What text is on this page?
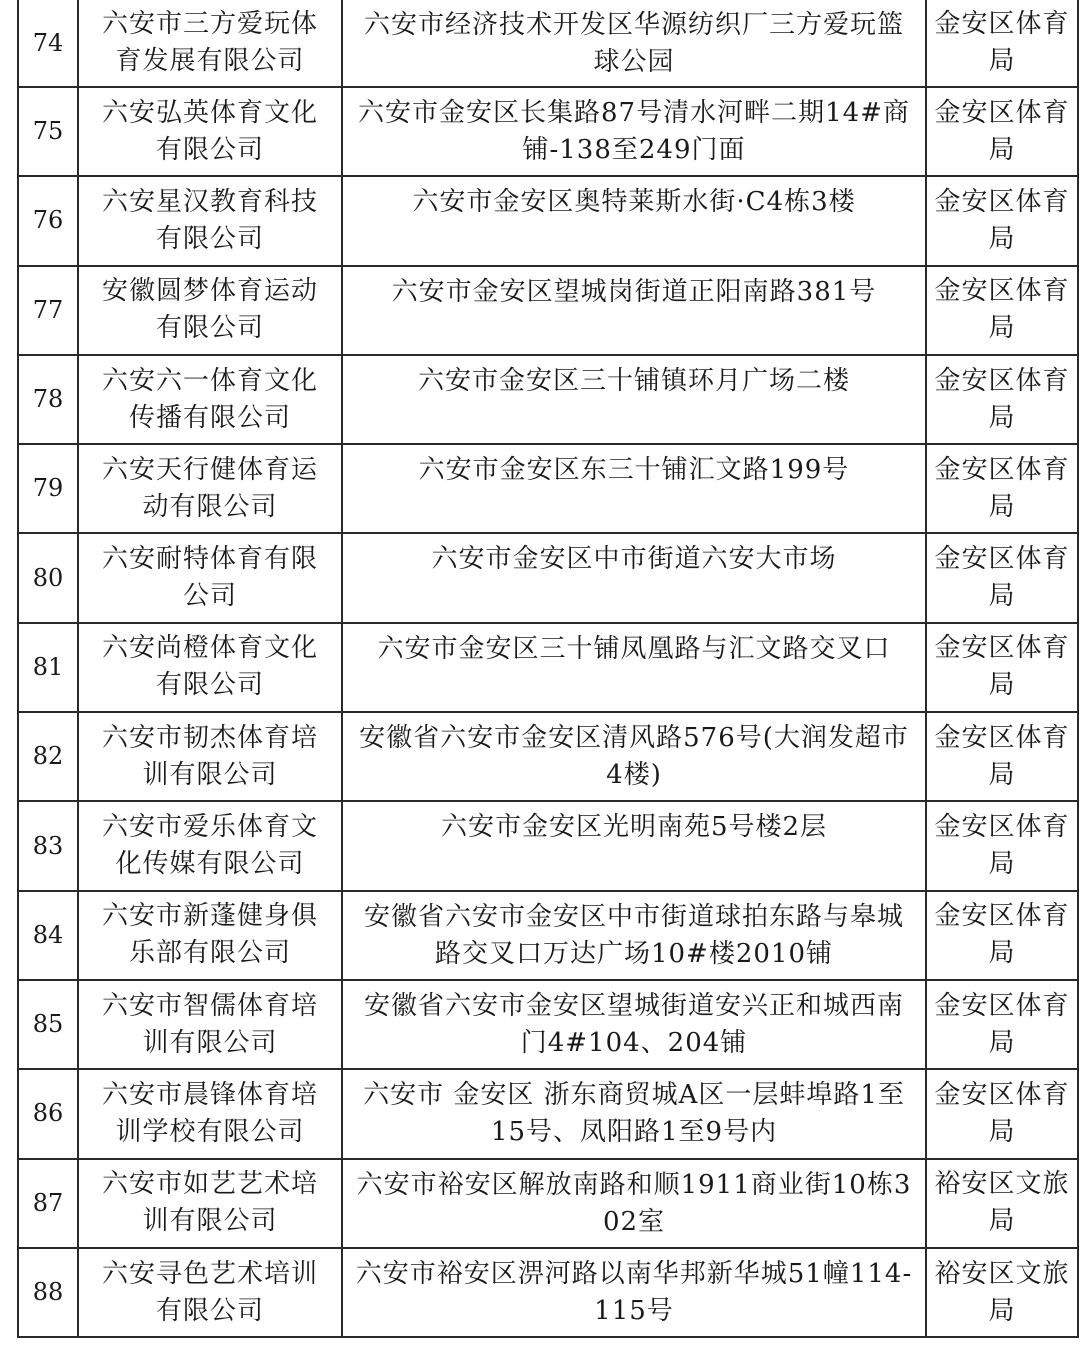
74	六安市三方爱玩体育发展有限公司	六安市经济技术开发区华源纺织厂三方爱玩篮球公园	金安区体育局

75	六安弘英体育文化有限公司	六安市金安区长集路87号清水河畔二期14#商铺-138至249门面	金安区体育局

76	六安星汉教育科技有限公司	六安市金安区奥特莱斯水街·C4栋3楼	金安区体育局

77	安徽圆梦体育运动有限公司	六安市金安区望城岗街道正阳南路381号	金安区体育局

78	六安六一体育文化传播有限公司	六安市金安区三十铺镇环月广场二楼	金安区体育局

79	六安天行健体育运动有限公司	六安市金安区东三十铺汇文路199号	金安区体育局

80	六安耐特体育有限公司	六安市金安区中市街道六安大市场	金安区体育局

81	六安尚橙体育文化有限公司	六安市金安区三十铺凤凰路与汇文路交叉口	金安区体育局

82	六安市韧杰体育培训有限公司	安徽省六安市金安区清风路576号(大润发超市4楼)	金安区体育局

83	六安市爱乐体育文化传媒有限公司	六安市金安区光明南苑5号楼2层	金安区体育局

84	六安市新蓬健身俱乐部有限公司	安徽省六安市金安区中市街道球拍东路与皋城路交叉口万达广场10#楼2010铺	金安区体育局

85	六安市智儒体育培训有限公司	安徽省六安市金安区望城街道安兴正和城西南门4#104、204铺	金安区体育局

86	六安市晨锋体育培训学校有限公司	六安市 金安区 浙东商贸城A区一层蚌埠路1至15号、凤阳路1至9号内	金安区体育局

87	六安市如艺艺术培训有限公司	六安市裕安区解放南路和顺1911商业街10栋302室	裕安区文旅局

88	六安寻色艺术培训有限公司	六安市裕安区淠河路以南华邦新华城51幢114-115号	裕安区文旅局
